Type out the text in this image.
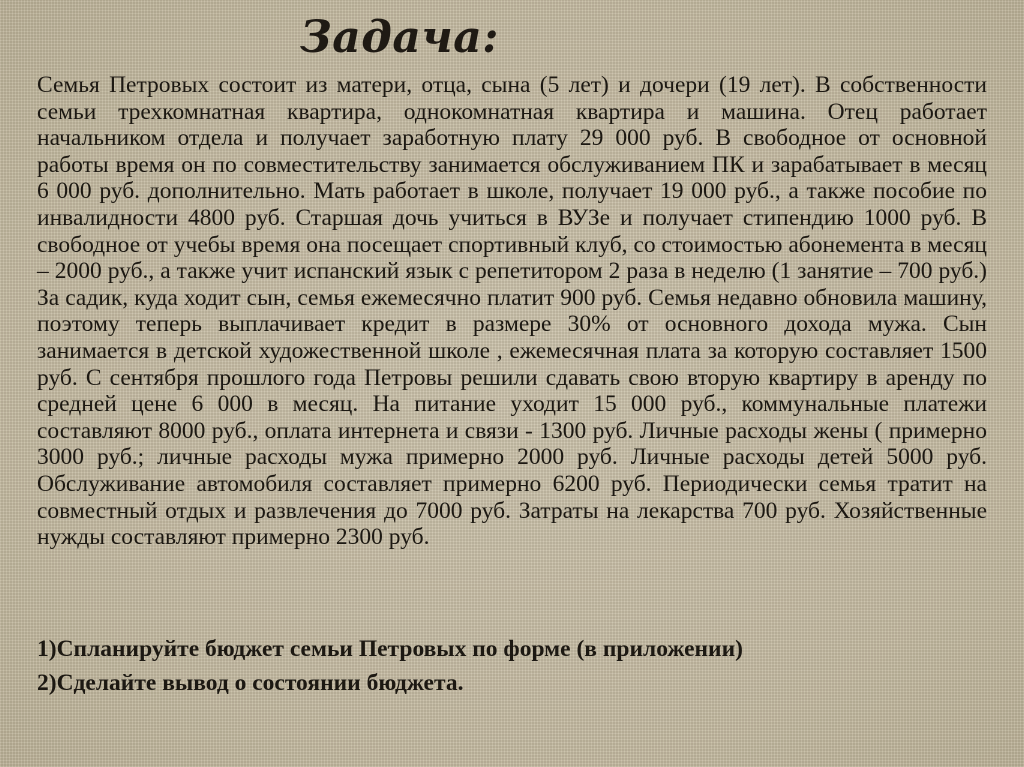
Задача:

Семья Петровых состоит из матери, отца, сына (5 лет) и дочери (19 лет). В собственности семьи трехкомнатная квартира, однокомнатная квартира и машина. Отец работает начальником отдела и получает заработную плату 29 000 руб. В свободное от основной работы время он по совместительству занимается обслуживанием ПК и зарабатывает в месяц 6 000 руб. дополнительно. Мать работает в школе, получает 19 000 руб., а также пособие по инвалидности 4800 руб. Старшая дочь учиться в ВУЗе и получает стипендию 1000 руб. В свободное от учебы время она посещает спортивный клуб, со стоимостью абонемента в месяц – 2000 руб., а также учит испанский язык с репетитором 2 раза в неделю (1 занятие – 700 руб.) За садик, куда ходит сын, семья ежемесячно платит 900 руб. Семья недавно обновила машину, поэтому теперь выплачивает кредит в размере 30% от основного дохода мужа. Сын занимается в детской художественной школе , ежемесячная плата за которую составляет 1500 руб. С сентября прошлого года Петровы решили сдавать свою вторую квартиру в аренду по средней цене 6 000 в месяц. На питание уходит 15 000 руб., коммунальные платежи составляют 8000 руб., оплата интернета и связи - 1300 руб. Личные расходы жены ( примерно 3000 руб.; личные расходы мужа примерно 2000 руб. Личные расходы детей 5000 руб. Обслуживание автомобиля составляет примерно 6200 руб. Периодически семья тратит на совместный отдых и развлечения до 7000 руб. Затраты на лекарства 700 руб. Хозяйственные нужды составляют примерно 2300 руб.

1)Спланируйте бюджет семьи Петровых по форме (в приложении)

2)Сделайте вывод о состоянии бюджета.
